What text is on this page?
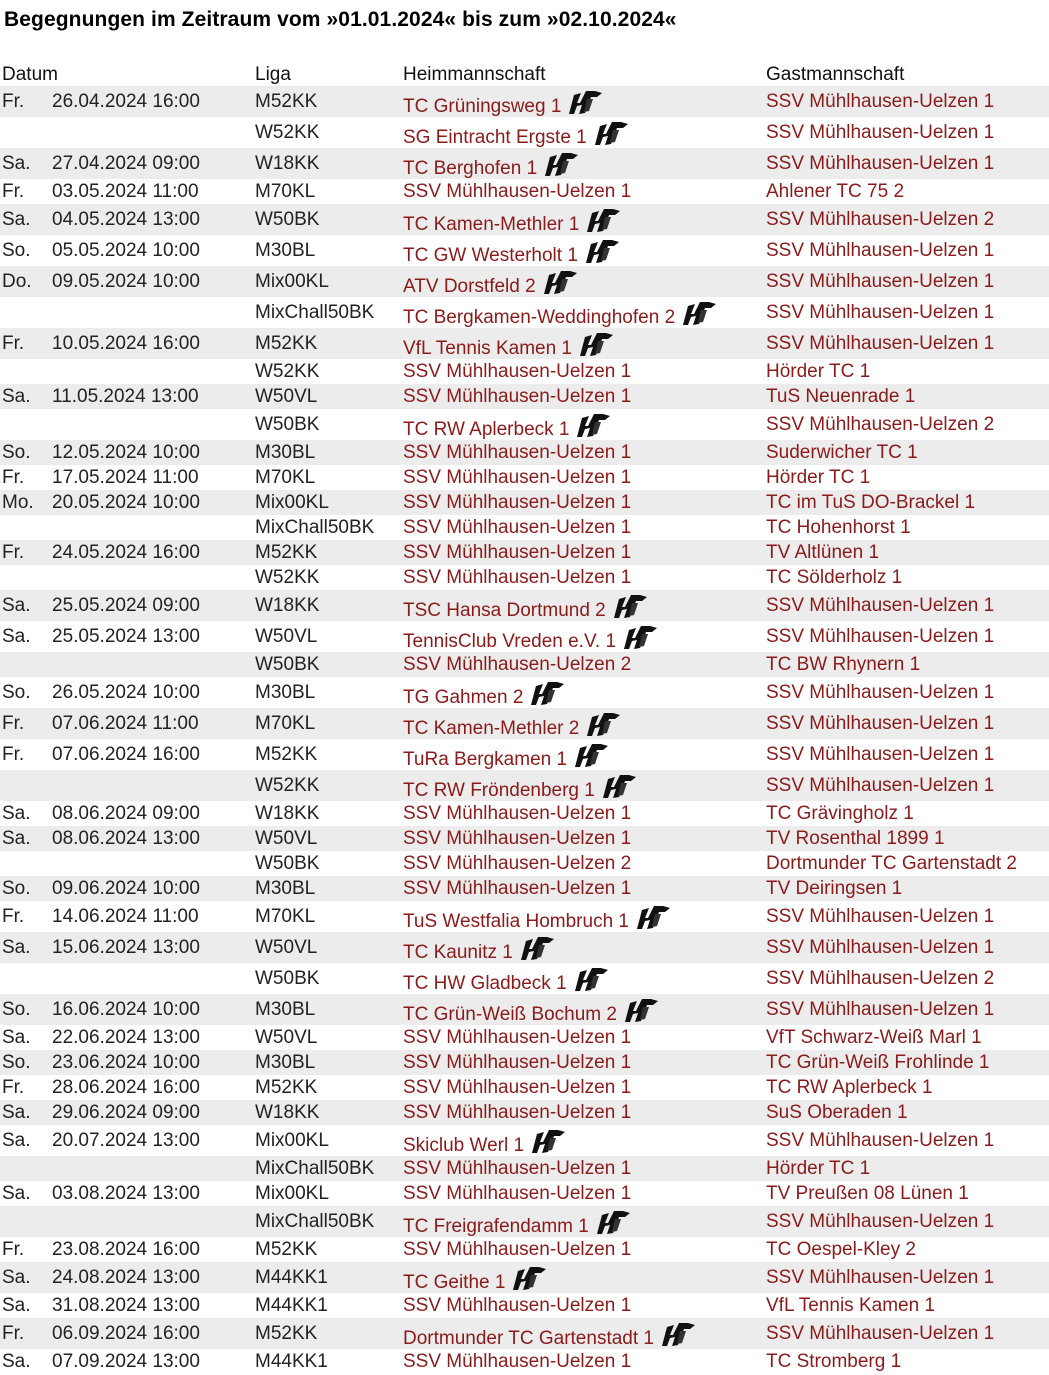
Begegnungen im Zeitraum vom »01.01.2024« bis zum »02.10.2024«
Datum	Liga	Heimmannschaft	Gastmannschaft
Fr. 26.04.2024 16:00	M52KK	TC Grüningsweg 1	SSV Mühlhausen-Uelzen 1
W52KK	SG Eintracht Ergste 1	SSV Mühlhausen-Uelzen 1
Sa. 27.04.2024 09:00	W18KK	TC Berghofen 1	SSV Mühlhausen-Uelzen 1
Fr. 03.05.2024 11:00	M70KL	SSV Mühlhausen-Uelzen 1	Ahlener TC 75 2
Sa. 04.05.2024 13:00	W50BK	TC Kamen-Methler 1	SSV Mühlhausen-Uelzen 2
So. 05.05.2024 10:00	M30BL	TC GW Westerholt 1	SSV Mühlhausen-Uelzen 1
Do. 09.05.2024 10:00	Mix00KL	ATV Dorstfeld 2	SSV Mühlhausen-Uelzen 1
MixChall50BK TC Bergkamen-Weddinghofen 2	SSV Mühlhausen-Uelzen 1
Fr. 10.05.2024 16:00	M52KK	VfL Tennis Kamen 1	SSV Mühlhausen-Uelzen 1
W52KK	SSV Mühlhausen-Uelzen 1	Hörder TC 1
Sa. 11.05.2024 13:00	W50VL	SSV Mühlhausen-Uelzen 1	TuS Neuenrade 1
W50BK	TC RW Aplerbeck 1	SSV Mühlhausen-Uelzen 2
So. 12.05.2024 10:00	M30BL	SSV Mühlhausen-Uelzen 1	Suderwicher TC 1
Fr. 17.05.2024 11:00	M70KL	SSV Mühlhausen-Uelzen 1	Hörder TC 1
Mo. 20.05.2024 10:00	Mix00KL	SSV Mühlhausen-Uelzen 1	TC im TuS DO-Brackel 1
MixChall50BK SSV Mühlhausen-Uelzen 1	TC Hohenhorst 1
Fr. 24.05.2024 16:00	M52KK	SSV Mühlhausen-Uelzen 1	TV Altlünen 1
W52KK	SSV Mühlhausen-Uelzen 1	TC Sölderholz 1
Sa. 25.05.2024 09:00	W18KK	TSC Hansa Dortmund 2	SSV Mühlhausen-Uelzen 1
Sa. 25.05.2024 13:00	W50VL	TennisClub Vreden e.V. 1	SSV Mühlhausen-Uelzen 1
W50BK	SSV Mühlhausen-Uelzen 2	TC BW Rhynern 1
So. 26.05.2024 10:00	M30BL	TG Gahmen 2	SSV Mühlhausen-Uelzen 1
Fr. 07.06.2024 11:00	M70KL	TC Kamen-Methler 2	SSV Mühlhausen-Uelzen 1
Fr. 07.06.2024 16:00	M52KK	TuRa Bergkamen 1	SSV Mühlhausen-Uelzen 1
W52KK	TC RW Fröndenberg 1	SSV Mühlhausen-Uelzen 1
Sa. 08.06.2024 09:00	W18KK	SSV Mühlhausen-Uelzen 1	TC Grävingholz 1
Sa. 08.06.2024 13:00	W50VL	SSV Mühlhausen-Uelzen 1	TV Rosenthal 1899 1
W50BK	SSV Mühlhausen-Uelzen 2	Dortmunder TC Gartenstadt 2
So. 09.06.2024 10:00	M30BL	SSV Mühlhausen-Uelzen 1	TV Deiringsen 1
Fr. 14.06.2024 11:00	M70KL	TuS Westfalia Hombruch 1	SSV Mühlhausen-Uelzen 1
Sa. 15.06.2024 13:00	W50VL	TC Kaunitz 1	SSV Mühlhausen-Uelzen 1
W50BK	TC HW Gladbeck 1	SSV Mühlhausen-Uelzen 2
So. 16.06.2024 10:00	M30BL	TC Grün-Weiß Bochum 2	SSV Mühlhausen-Uelzen 1
Sa. 22.06.2024 13:00	W50VL	SSV Mühlhausen-Uelzen 1	VfT Schwarz-Weiß Marl 1
So. 23.06.2024 10:00	M30BL	SSV Mühlhausen-Uelzen 1	TC Grün-Weiß Frohlinde 1
Fr. 28.06.2024 16:00	M52KK	SSV Mühlhausen-Uelzen 1	TC RW Aplerbeck 1
Sa. 29.06.2024 09:00	W18KK	SSV Mühlhausen-Uelzen 1	SuS Oberaden 1
Sa. 20.07.2024 13:00	Mix00KL	Skiclub Werl 1	SSV Mühlhausen-Uelzen 1
MixChall50BK SSV Mühlhausen-Uelzen 1	Hörder TC 1
Sa. 03.08.2024 13:00	Mix00KL	SSV Mühlhausen-Uelzen 1	TV Preußen 08 Lünen 1
MixChall50BK TC Freigrafendamm 1	SSV Mühlhausen-Uelzen 1
Fr. 23.08.2024 16:00	M52KK	SSV Mühlhausen-Uelzen 1	TC Oespel-Kley 2
Sa. 24.08.2024 13:00	M44KK1	TC Geithe 1	SSV Mühlhausen-Uelzen 1
Sa. 31.08.2024 13:00	M44KK1	SSV Mühlhausen-Uelzen 1	VfL Tennis Kamen 1
Fr. 06.09.2024 16:00	M52KK	Dortmunder TC Gartenstadt 1	SSV Mühlhausen-Uelzen 1
Sa. 07.09.2024 13:00	M44KK1	SSV Mühlhausen-Uelzen 1	TC Stromberg 1
